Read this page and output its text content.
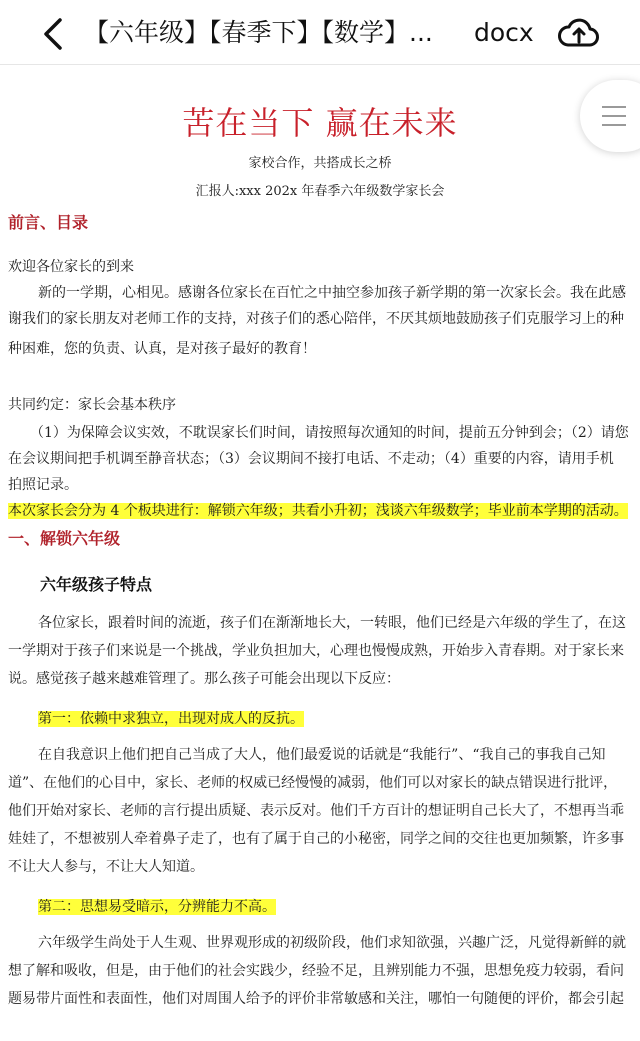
【六年级】【春季下】【数学】... docx
苦在当下 赢在未来
家校合作，共搭成长之桥
汇报人:xxx 202x 年春季六年级数学家长会
前言、目录
欢迎各位家长的到来
新的一学期，心相见。感谢各位家长在百忙之中抽空参加孩子新学期的第一次家长会。我在此感
谢我们的家长朋友对老师工作的支持，对孩子们的悉心陪伴，不厌其烦地鼓励孩子们克服学习上的种
种困难，您的负责、认真，是对孩子最好的教育！
共同约定：家长会基本秩序
（1）为保障会议实效，不耽误家长们时间，请按照每次通知的时间，提前五分钟到会；（2）请您
在会议期间把手机调至静音状态；（3）会议期间不接打电话、不走动；（4）重要的内容，请用手机
拍照记录。
本次家长会分为 4 个板块进行：解锁六年级；共看小升初；浅谈六年级数学；毕业前本学期的活动。
一、解锁六年级
六年级孩子特点
各位家长，跟着时间的流逝，孩子们在渐渐地长大，一转眼，他们已经是六年级的学生了，在这
一学期对于孩子们来说是一个挑战，学业负担加大，心理也慢慢成熟，开始步入青春期。对于家长来
说。感觉孩子越来越难管理了。那么孩子可能会出现以下反应：
第一：依赖中求独立，出现对成人的反抗。
在自我意识上他们把自己当成了大人，他们最爱说的话就是“我能行”、“我自己的事我自己知
道”、在他们的心目中，家长、老师的权威已经慢慢的减弱，他们可以对家长的缺点错误进行批评，
他们开始对家长、老师的言行提出质疑、表示反对。他们千方百计的想证明自己长大了，不想再当乖
娃娃了，不想被别人牵着鼻子走了，也有了属于自己的小秘密，同学之间的交往也更加频繁，许多事
不让大人参与，不让大人知道。
第二：思想易受暗示，分辨能力不高。
六年级学生尚处于人生观、世界观形成的初级阶段，他们求知欲强，兴趣广泛，凡觉得新鲜的就
想了解和吸收，但是，由于他们的社会实践少，经验不足，且辨别能力不强，思想免疫力较弱，看问
题易带片面性和表面性，他们对周围人给予的评价非常敏感和关注，哪怕一句随便的评价，都会引起
